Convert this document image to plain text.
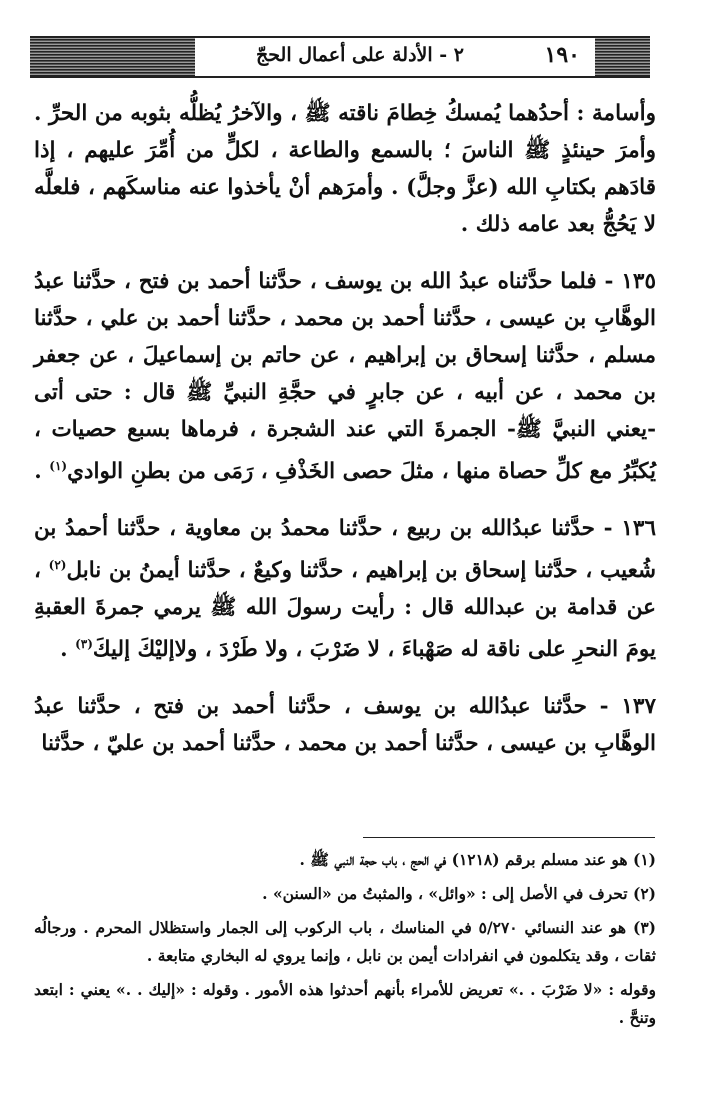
٢ - الأدلة على أعمال الحجّ	١٩٠

وأسامة : أحدُهما يُمسكُ خِطامَ ناقته ﷺ ، والآخرُ يُظلُّه بثوبه من الحرِّ . وأمرَ حينئذٍ ﷺ الناسَ ؛ بالسمع والطاعة ، لكلٍّ من أُمِّرَ عليهم ، إذا قادَهم بكتابِ الله (عزَّ وجلَّ) . وأمرَهم أنْ يأخذوا عنه مناسكَهم ، فلعلَّه لا يَحُجُّ بعد عامه ذلك .

١٣٥ - فلما حدَّثناه عبدُ الله بن يوسف ، حدَّثنا أحمد بن فتح ، حدَّثنا عبدُ الوهَّابِ بن عيسى ، حدَّثنا أحمد بن محمد ، حدَّثنا أحمد بن علي ، حدَّثنا مسلم ، حدَّثنا إسحاق بن إبراهيم ، عن حاتم بن إسماعيلَ ، عن جعفر بن محمد ، عن أبيه ، عن جابرٍ في حجَّةِ النبيِّ ﷺ قال : حتى أتى -يعني النبيَّ ﷺ- الجمرةَ التي عند الشجرة ، فرماها بسبع حصيات ، يُكبِّرُ مع كلِّ حصاة منها ، مثلَ حصى الخَذْفِ ، رَمَى من بطنِ الوادي$^{(١)}$ .

١٣٦ - حدَّثنا عبدُالله بن ربيع ، حدَّثنا محمدُ بن معاوية ، حدَّثنا أحمدُ بن شُعيب ، حدَّثنا إسحاق بن إبراهيم ، حدَّثنا وكيعٌ ، حدَّثنا أيمنُ بن نابل$^{(٢)}$ ، عن قدامة بن عبدالله قال : رأيت رسولَ الله ﷺ يرمي جمرةَ العقبةِ يومَ النحرِ على ناقة له صَهْباءَ ، لا ضَرْبَ ، ولا طَرْدَ ، ولاإليْكَ إليكَ$^{(٣)}$ .

١٣٧ - حدَّثنا عبدُالله بن يوسف ، حدَّثنا أحمد بن فتح ، حدَّثنا عبدُ الوهَّابِ بن عيسى ، حدَّثنا أحمد بن محمد ، حدَّثنا أحمد بن عليّ ، حدَّثنا

(١) هو عند مسلم برقم (١٢١٨) في الحج ، باب حجة النبي ﷺ .

(٢) تحرف في الأصل إلى : «وائل» ، والمثبتُ من «السنن» .

(٣) هو عند النسائي ٥/٢٧٠ في المناسك ، باب الركوب إلى الجمار واستظلال المحرم . ورجالُه ثقات ، وقد يتكلمون في انفرادات أيمن بن نابل ، وإنما يروي له البخاري متابعة .

وقوله : «لا ضَرْبَ . .» تعريض للأمراء بأنهم أحدثوا هذه الأمور . وقوله : «إليك . .» يعني : ابتعد وتنحَّ .
